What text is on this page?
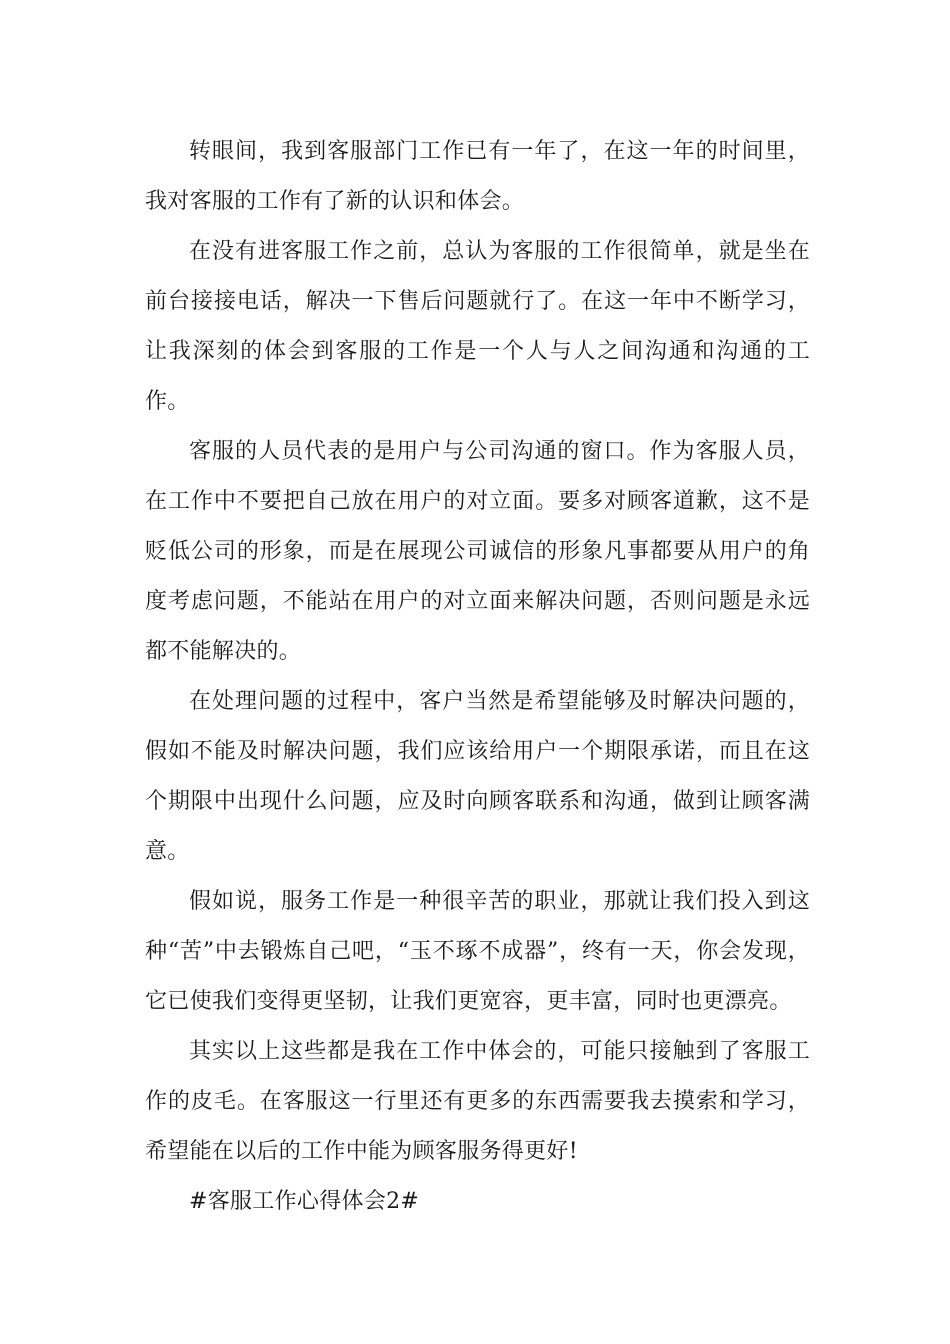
转眼间，我到客服部门工作已有一年了，在这一年的时间里，我对客服的工作有了新的认识和体会。

在没有进客服工作之前，总认为客服的工作很简单，就是坐在前台接接电话，解决一下售后问题就行了。在这一年中不断学习，让我深刻的体会到客服的工作是一个人与人之间沟通和沟通的工作。

客服的人员代表的是用户与公司沟通的窗口。作为客服人员，在工作中不要把自己放在用户的对立面。要多对顾客道歉，这不是贬低公司的形象，而是在展现公司诚信的形象凡事都要从用户的角度考虑问题，不能站在用户的对立面来解决问题，否则问题是永远都不能解决的。

在处理问题的过程中，客户当然是希望能够及时解决问题的，假如不能及时解决问题，我们应该给用户一个期限承诺，而且在这个期限中出现什么问题，应及时向顾客联系和沟通，做到让顾客满意。

假如说，服务工作是一种很辛苦的职业，那就让我们投入到这种“苦”中去锻炼自己吧，“玉不琢不成器”，终有一天，你会发现，它已使我们变得更坚韧，让我们更宽容，更丰富，同时也更漂亮。

其实以上这些都是我在工作中体会的，可能只接触到了客服工作的皮毛。在客服这一行里还有更多的东西需要我去摸索和学习，希望能在以后的工作中能为顾客服务得更好!

#客服工作心得体会2#
